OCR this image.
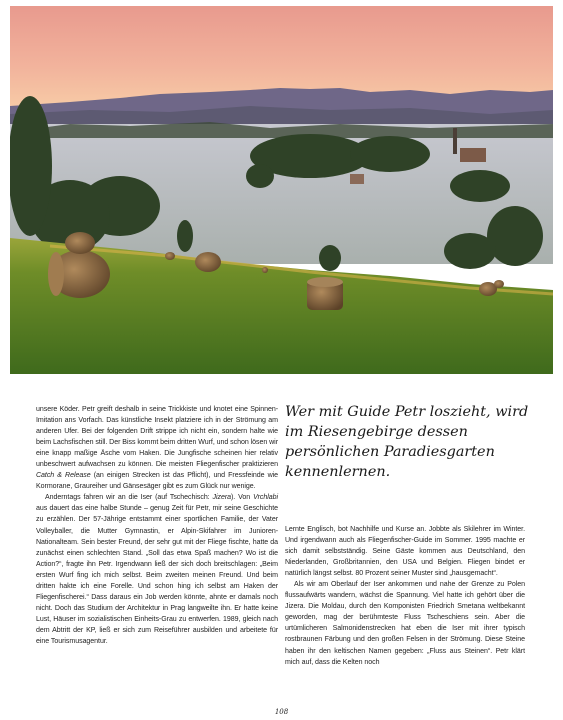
Wer mit Guide Petr loszieht, wird im Riesengebirge dessen persönlichen Paradiesgarten kennenlernen.

unsere Köder. Petr greift deshalb in seine Trickkiste und knotet eine Spinnen-Imitation ans Vorfach. Das künstliche Insekt platziere ich in der Strömung am anderen Ufer. Bei der folgenden Drift strippe ich nicht ein, sondern halte wie beim Lachsfischen still. Der Biss kommt beim dritten Wurf, und schon lösen wir eine knapp maßige Äsche vom Haken. Die Jungfische scheinen hier relativ unbeschwert aufwachsen zu können. Die meisten Fliegenfischer praktizieren Catch & Release (an einigen Strecken ist das Pflicht), und Fressfeinde wie Kormorane, Graureiher und Gänsesäger gibt es zum Glück nur wenige.

Anderntags fahren wir an die Iser (auf Tschechisch: Jizera). Von Vrchlabi aus dauert das eine halbe Stunde – genug Zeit für Petr, mir seine Geschichte zu erzählen. Der 57-Jährige entstammt einer sportlichen Familie, der Vater Volleyballer, die Mutter Gymnastin, er Alpin-Skifahrer im Junioren-Nationalteam. Sein bester Freund, der sehr gut mit der Fliege fischte, hatte da zunächst einen schlechten Stand. „Soll das etwa Spaß machen? Wo ist die Action?“, fragte ihn Petr. Irgendwann ließ der sich doch breitschlagen: „Beim ersten Wurf fing ich mich selbst. Beim zweiten meinen Freund. Und beim dritten hakte ich eine Forelle. Und schon hing ich selbst am Haken der Fliegenfischerei.“ Dass daraus ein Job werden könnte, ahnte er damals noch nicht. Doch das Studium der Architektur in Prag langweilte ihn. Er hatte keine Lust, Häuser im sozialistischen Einheits-Grau zu entwerfen. 1989, gleich nach dem Abtritt der KP, ließ er sich zum Reiseführer ausbilden und arbeitete für eine Tourismusagentur.

Lernte Englisch, bot Nachhilfe und Kurse an. Jobbte als Skilehrer im Winter. Und irgendwann auch als Fliegenfischer-Guide im Sommer. 1995 machte er sich damit selbstständig. Seine Gäste kommen aus Deutschland, den Niederlanden, Großbritannien, den USA und Belgien. Fliegen bindet er natürlich längst selbst. 80 Prozent seiner Muster sind „hausgemacht“.

Als wir am Oberlauf der Iser ankommen und nahe der Grenze zu Polen flussaufwärts wandern, wächst die Spannung. Viel hatte ich gehört über die Jizera. Die Moldau, durch den Komponisten Friedrich Smetana weltbekannt geworden, mag der berühmteste Fluss Tscheschiens sein. Aber die urtümlicheren Salmonidenstrecken hat eben die Iser mit ihrer typisch rostbraunen Färbung und den großen Felsen in der Strömung. Diese Steine haben ihr den keltischen Namen gegeben: „Fluss aus Steinen“. Petr klärt mich auf, dass die Kelten noch

108
